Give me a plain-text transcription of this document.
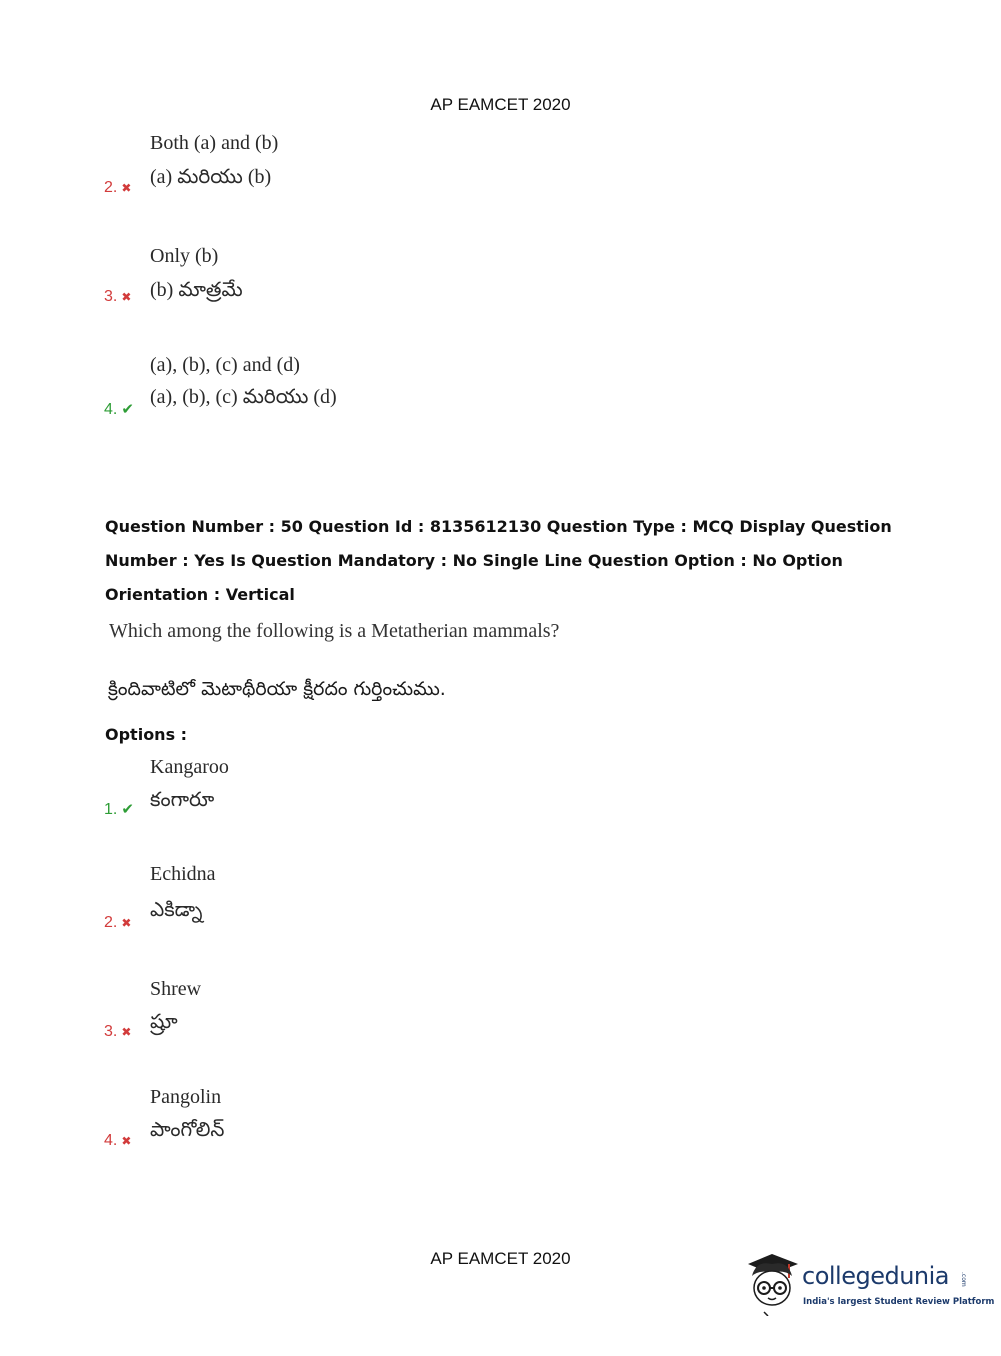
AP EAMCET 2020
Both (a) and (b)
(a) మరియు (b)
2. ✖
Only (b)
(b) మాత్రమే
3. ✖
(a), (b), (c) and (d)
(a), (b), (c) మరియు (d)
4. ✔
Question Number : 50 Question Id : 8135612130 Question Type : MCQ Display Question
Number : Yes Is Question Mandatory : No Single Line Question Option : No Option
Orientation : Vertical
Which among the following is a Metatherian mammals?
క్రిందివాటిలో మెటాథీరియా క్షీరదం గుర్తించుము.
Options :
Kangaroo
కంగారూ
1. ✔
Echidna
ఎకిడ్నా
2. ✖
Shrew
ష్రూ
3. ✖
Pangolin
పాంగోలిన్
4. ✖
AP EAMCET 2020
collegedunia .com
India's largest Student Review Platform
